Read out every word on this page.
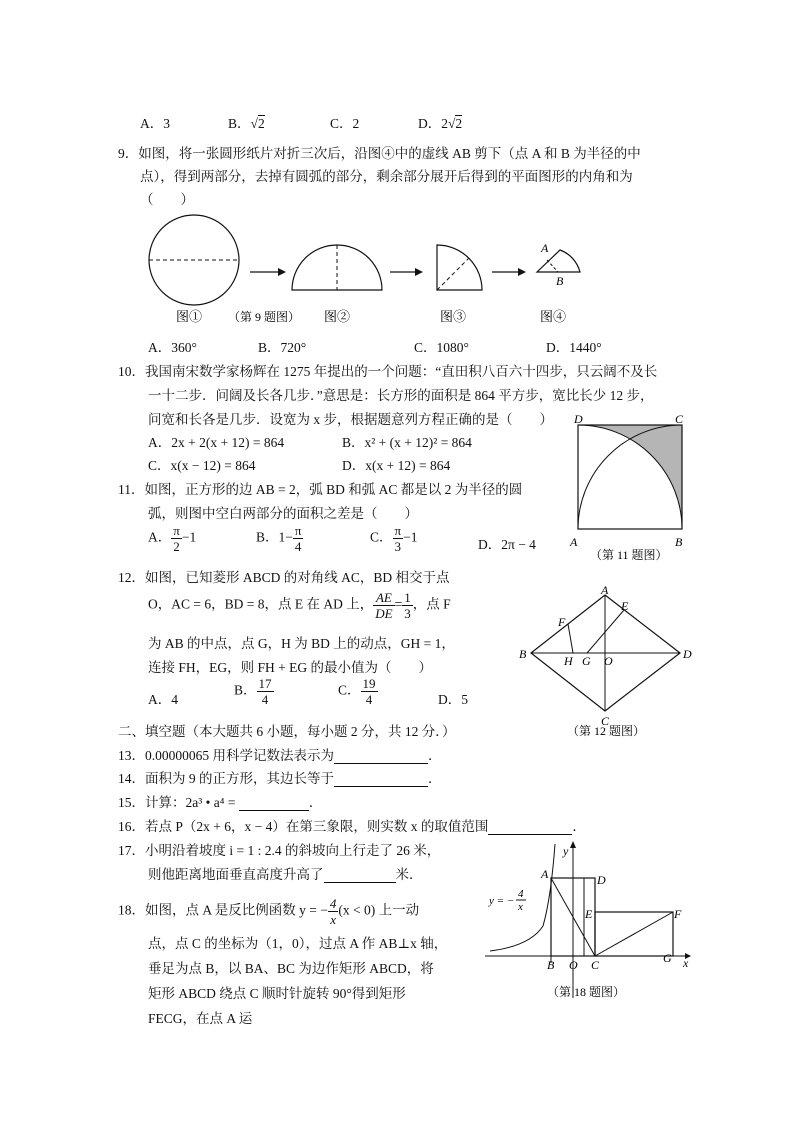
A．3	B．√2	C．2	D．2√2
9．如图，将一张圆形纸片对折三次后，沿图④中的虚线 AB 剪下（点 A 和 B 为半径的中
点），得到两部分，去掉有圆弧的部分，剩余部分展开后得到的平面图形的内角和为
（　　）
A
B
图① （第 9 题图） 图②	图③	图④
A．360°	B．720°	C．1080°	D．1440°
10．我国南宋数学家杨辉在 1275 年提出的一个问题：“直田积八百六十四步，只云阔不及长
一十二步．问阔及长各几步．”意思是：长方形的面积是 864 平方步，宽比长少 12 步，
问宽和长各是几步．设宽为 x 步，根据题意列方程正确的是（　　）
A．2x + 2(x + 12) = 864	B．x² + (x + 12)² = 864
C．x(x − 12) = 864	D．x(x + 12) = 864
D	C
A	B
（第 11 题图）
11．如图，正方形的边 AB = 2，弧 BD 和弧 AC 都是以 2 为半径的圆
弧，则图中空白两部分的面积之差是（　　）
A． $\frac{\pi}{2} -1$	B．$1- \frac{\pi}{4}$	C． $\frac{\pi}{3} -1$	D．2π − 4
12．如图，已知菱形 ABCD 的对角线 AC，BD 相交于点
O，AC = 6，BD = 8，点 E 在 AD 上， $\frac{AE}{DE} = \frac{1}{3}$ ，点 F
为 AB 的中点，点 G，H 为 BD 上的动点，GH = 1，
连接 FH，EG，则 FH + EG 的最小值为（　　）
A．4
B． $\frac{17}{4}$	C． $\frac{19}{4}$	D．5
A
B
C
D
E
F
G
H	O
（第 12 题图）
二、填空题（本大题共 6 小题，每小题 2 分，共 12 分．）
13．0.00000065 用科学记数法表示为	．
14．面积为 9 的正方形，其边长等于	．
15．计算：2a³ • a⁴ =	．
16．若点 P（2x + 6，x − 4）在第三象限，则实数 x 的取值范围	．
17．小明沿着坡度 i = 1 : 2.4 的斜坡向上行走了 26 米，
则他距离地面垂直高度升高了	米．
18．如图，点 A 是反比例函数 y = − $\frac{4}{x} (x < 0)$ 上一动
点，点 C 的坐标为（1，0），过点 A 作 AB⊥x 轴，
垂足为点 B，以 BA、BC 为边作矩形 ABCD，将
矩形 ABCD 绕点 C 顺时针旋转 90°得到矩形
FECG，在点 A 运
A
B O C
D
E	F
G x
y
y = −
4
x
（第 18 题图）
